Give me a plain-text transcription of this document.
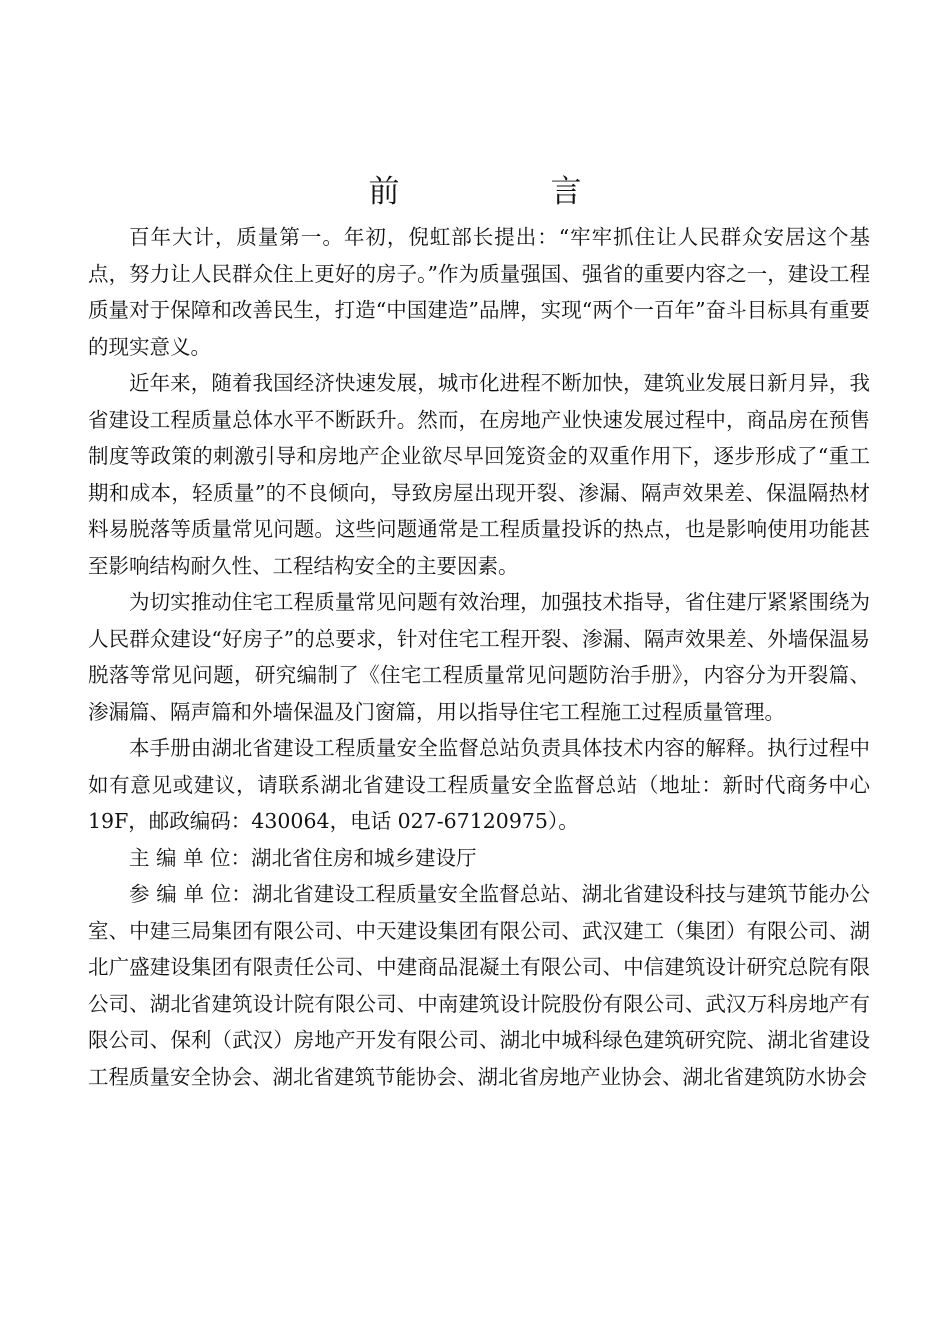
前　言

百年大计，质量第一。年初，倪虹部长提出：“牢牢抓住让人民群众安居这个基点，努力让人民群众住上更好的房子。”作为质量强国、强省的重要内容之一，建设工程质量对于保障和改善民生，打造“中国建造”品牌，实现“两个一百年”奋斗目标具有重要的现实意义。

近年来，随着我国经济快速发展，城市化进程不断加快，建筑业发展日新月异，我省建设工程质量总体水平不断跃升。然而，在房地产业快速发展过程中，商品房在预售制度等政策的刺激引导和房地产企业欲尽早回笼资金的双重作用下，逐步形成了“重工期和成本，轻质量”的不良倾向，导致房屋出现开裂、渗漏、隔声效果差、保温隔热材料易脱落等质量常见问题。这些问题通常是工程质量投诉的热点，也是影响使用功能甚至影响结构耐久性、工程结构安全的主要因素。

为切实推动住宅工程质量常见问题有效治理，加强技术指导，省住建厅紧紧围绕为人民群众建设“好房子”的总要求，针对住宅工程开裂、渗漏、隔声效果差、外墙保温易脱落等常见问题，研究编制了《住宅工程质量常见问题防治手册》，内容分为开裂篇、渗漏篇、隔声篇和外墙保温及门窗篇，用以指导住宅工程施工过程质量管理。

本手册由湖北省建设工程质量安全监督总站负责具体技术内容的解释。执行过程中如有意见或建议，请联系湖北省建设工程质量安全监督总站（地址：新时代商务中心 19F，邮政编码：430064，电话 027-67120975）。

主 编 单 位：湖北省住房和城乡建设厅

参 编 单 位：湖北省建设工程质量安全监督总站、湖北省建设科技与建筑节能办公室、中建三局集团有限公司、中天建设集团有限公司、武汉建工（集团）有限公司、湖北广盛建设集团有限责任公司、中建商品混凝土有限公司、中信建筑设计研究总院有限公司、湖北省建筑设计院有限公司、中南建筑设计院股份有限公司、武汉万科房地产有限公司、保利（武汉）房地产开发有限公司、湖北中城科绿色建筑研究院、湖北省建设工程质量安全协会、湖北省建筑节能协会、湖北省房地产业协会、湖北省建筑防水协会
